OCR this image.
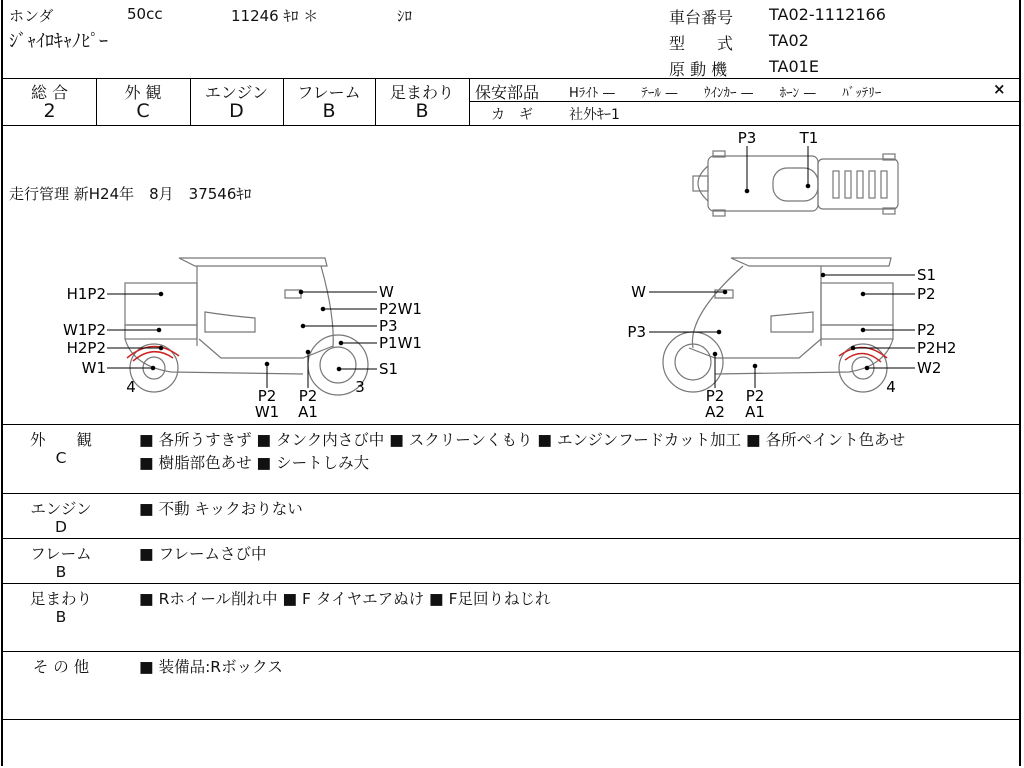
ホンダ	50cc	11246 ｷﾛ ＊	ｼﾛ
ｼﾞｬｲﾛｷｬﾉﾋﾟｰ
車台番号 TA02-1112166
型　　式 TA02
原 動 機	TA01E
総 合	外 観	エンジン	フレーム	足まわり
2	C	D	B	B
保安部品 Hﾗｲﾄ —　　ﾃｰﾙ —　　ｳｲﾝｶｰ —　　ﾎｰﾝ —　　ﾊﾞｯﾃﾘｰ	×
カ　ギ	社外ｷｰ1
走行管理 新H24年　8月　37546ｷﾛ
P3	T1
H1P2
W1P2
H2P2
W1
W
P2W1
P3
P1W1
S1
4	3
P2
W1
P2
A1
W
P3
S1
P2
P2
P2H2
W2
4
P2
A2
P2
A1
外　　観
C
■ 各所うすきず ■ タンク内さび中 ■ スクリーンくもり ■ エンジンフードカット加工 ■ 各所ペイント色あせ
■ 樹脂部色あせ ■ シートしみ大
エンジン
D
■ 不動 キックおりない
フレーム
B
■ フレームさび中
足まわり
B
■ Rホイール削れ中 ■ F タイヤエアぬけ ■ F足回りねじれ
そ の 他	■ 装備品:Rボックス
